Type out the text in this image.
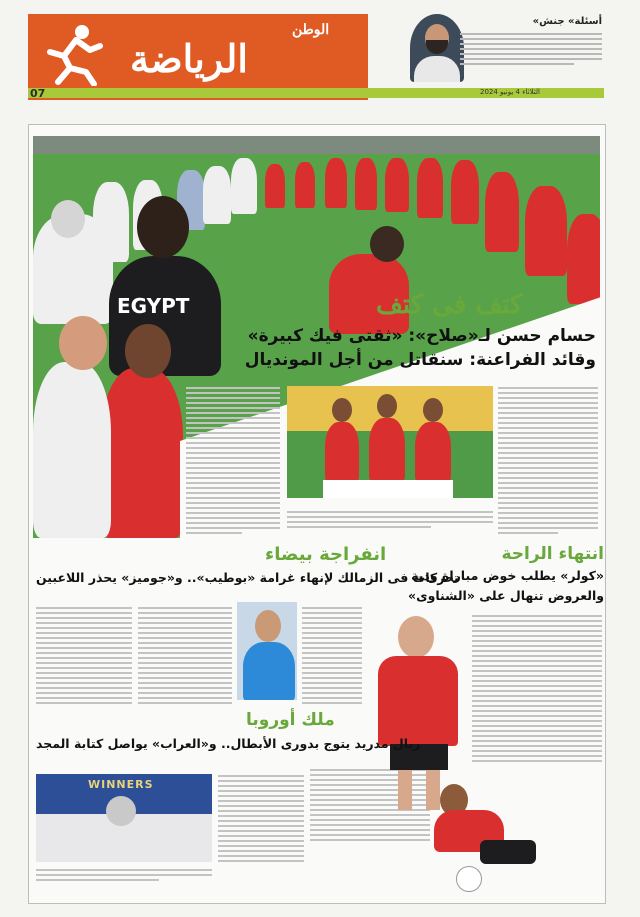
الوطن
الرياضة
07	الثلاثاء 4 يونيو 2024
«أسئلة» جنش
EGYPT	كتف فى كتف
حسام حسن لـ«صلاح»: «ثقتى فيك كبيرة»
وقائد الفراعنة: سنقاتل من أجل المونديال
انفراجة بيضاء
تحركات فى الزمالك لإنهاء غرامة «بوطيب».. و«جوميز» يحذر اللاعبين
انتهاء الراحة
«كولر» يطلب خوض مباراة ودية
والعروض تنهال على «الشناوى»
ملك أوروبا
ريال مدريد يتوج بدورى الأبطال.. و«العراب» يواصل كتابة المجد
WINNERS
